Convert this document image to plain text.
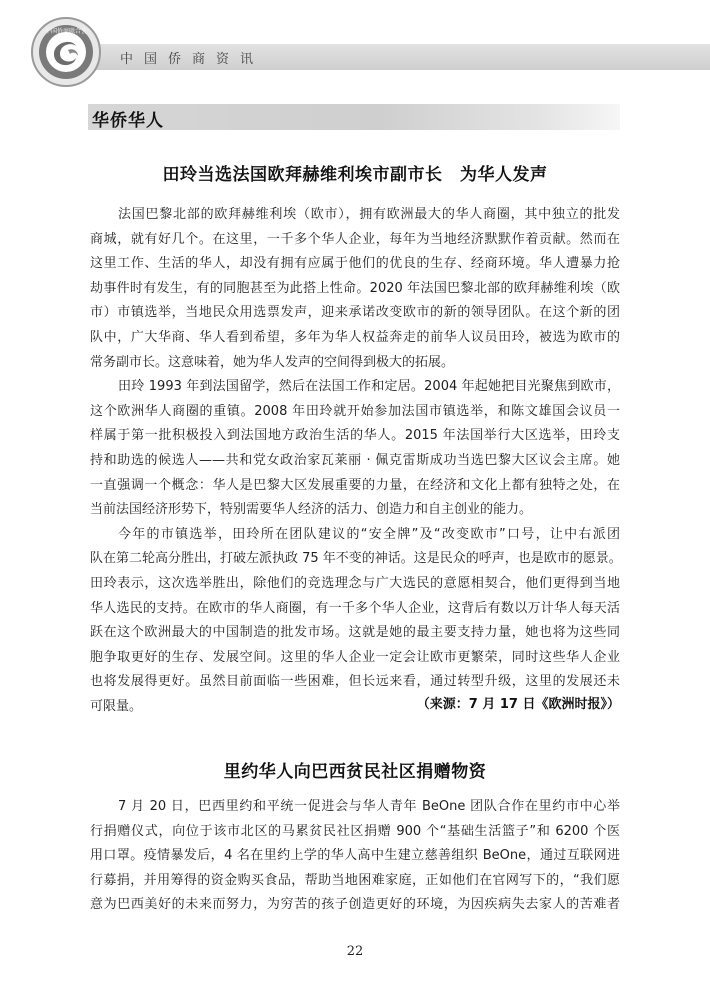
中国侨商联合会
中国侨商资讯
华侨华人
田玲当选法国欧拜赫维利埃市副市长　为华人发声
法国巴黎北部的欧拜赫维利埃（欧市），拥有欧洲最大的华人商圈，其中独立的批发
商城，就有好几个。在这里，一千多个华人企业，每年为当地经济默默作着贡献。然而在
这里工作、生活的华人，却没有拥有应属于他们的优良的生存、经商环境。华人遭暴力抢
劫事件时有发生，有的同胞甚至为此搭上性命。2020 年法国巴黎北部的欧拜赫维利埃（欧
市）市镇选举，当地民众用选票发声，迎来承诺改变欧市的新的领导团队。在这个新的团
队中，广大华商、华人看到希望，多年为华人权益奔走的前华人议员田玲，被选为欧市的
常务副市长。这意味着，她为华人发声的空间得到极大的拓展。
田玲 1993 年到法国留学，然后在法国工作和定居。2004 年起她把目光聚焦到欧市，
这个欧洲华人商圈的重镇。2008 年田玲就开始参加法国市镇选举，和陈文雄国会议员一
样属于第一批积极投入到法国地方政治生活的华人。2015 年法国举行大区选举，田玲支
持和助选的候选人——共和党女政治家瓦莱丽 · 佩克雷斯成功当选巴黎大区议会主席。她
一直强调一个概念：华人是巴黎大区发展重要的力量，在经济和文化上都有独特之处，在
当前法国经济形势下，特别需要华人经济的活力、创造力和自主创业的能力。
今年的市镇选举，田玲所在团队建议的“安全牌”及“改变欧市”口号，让中右派团
队在第二轮高分胜出，打破左派执政 75 年不变的神话。这是民众的呼声，也是欧市的愿景。
田玲表示，这次选举胜出，除他们的竞选理念与广大选民的意愿相契合，他们更得到当地
华人选民的支持。在欧市的华人商圈，有一千多个华人企业，这背后有数以万计华人每天活
跃在这个欧洲最大的中国制造的批发市场。这就是她的最主要支持力量，她也将为这些同
胞争取更好的生存、发展空间。这里的华人企业一定会让欧市更繁荣，同时这些华人企业
也将发展得更好。虽然目前面临一些困难，但长远来看，通过转型升级，这里的发展还未
可限量。	（来源：7 月 17 日《欧洲时报》）
里约华人向巴西贫民社区捐赠物资
7 月 20 日，巴西里约和平统一促进会与华人青年 BeOne 团队合作在里约市中心举
行捐赠仪式，向位于该市北区的马累贫民社区捐赠 900 个“基础生活篮子”和 6200 个医
用口罩。疫情暴发后，4 名在里约上学的华人高中生建立慈善组织 BeOne，通过互联网进
行募捐，并用筹得的资金购买食品，帮助当地困难家庭，正如他们在官网写下的，“我们愿
意为巴西美好的未来而努力，为穷苦的孩子创造更好的环境，为因疾病失去家人的苦难者
22
